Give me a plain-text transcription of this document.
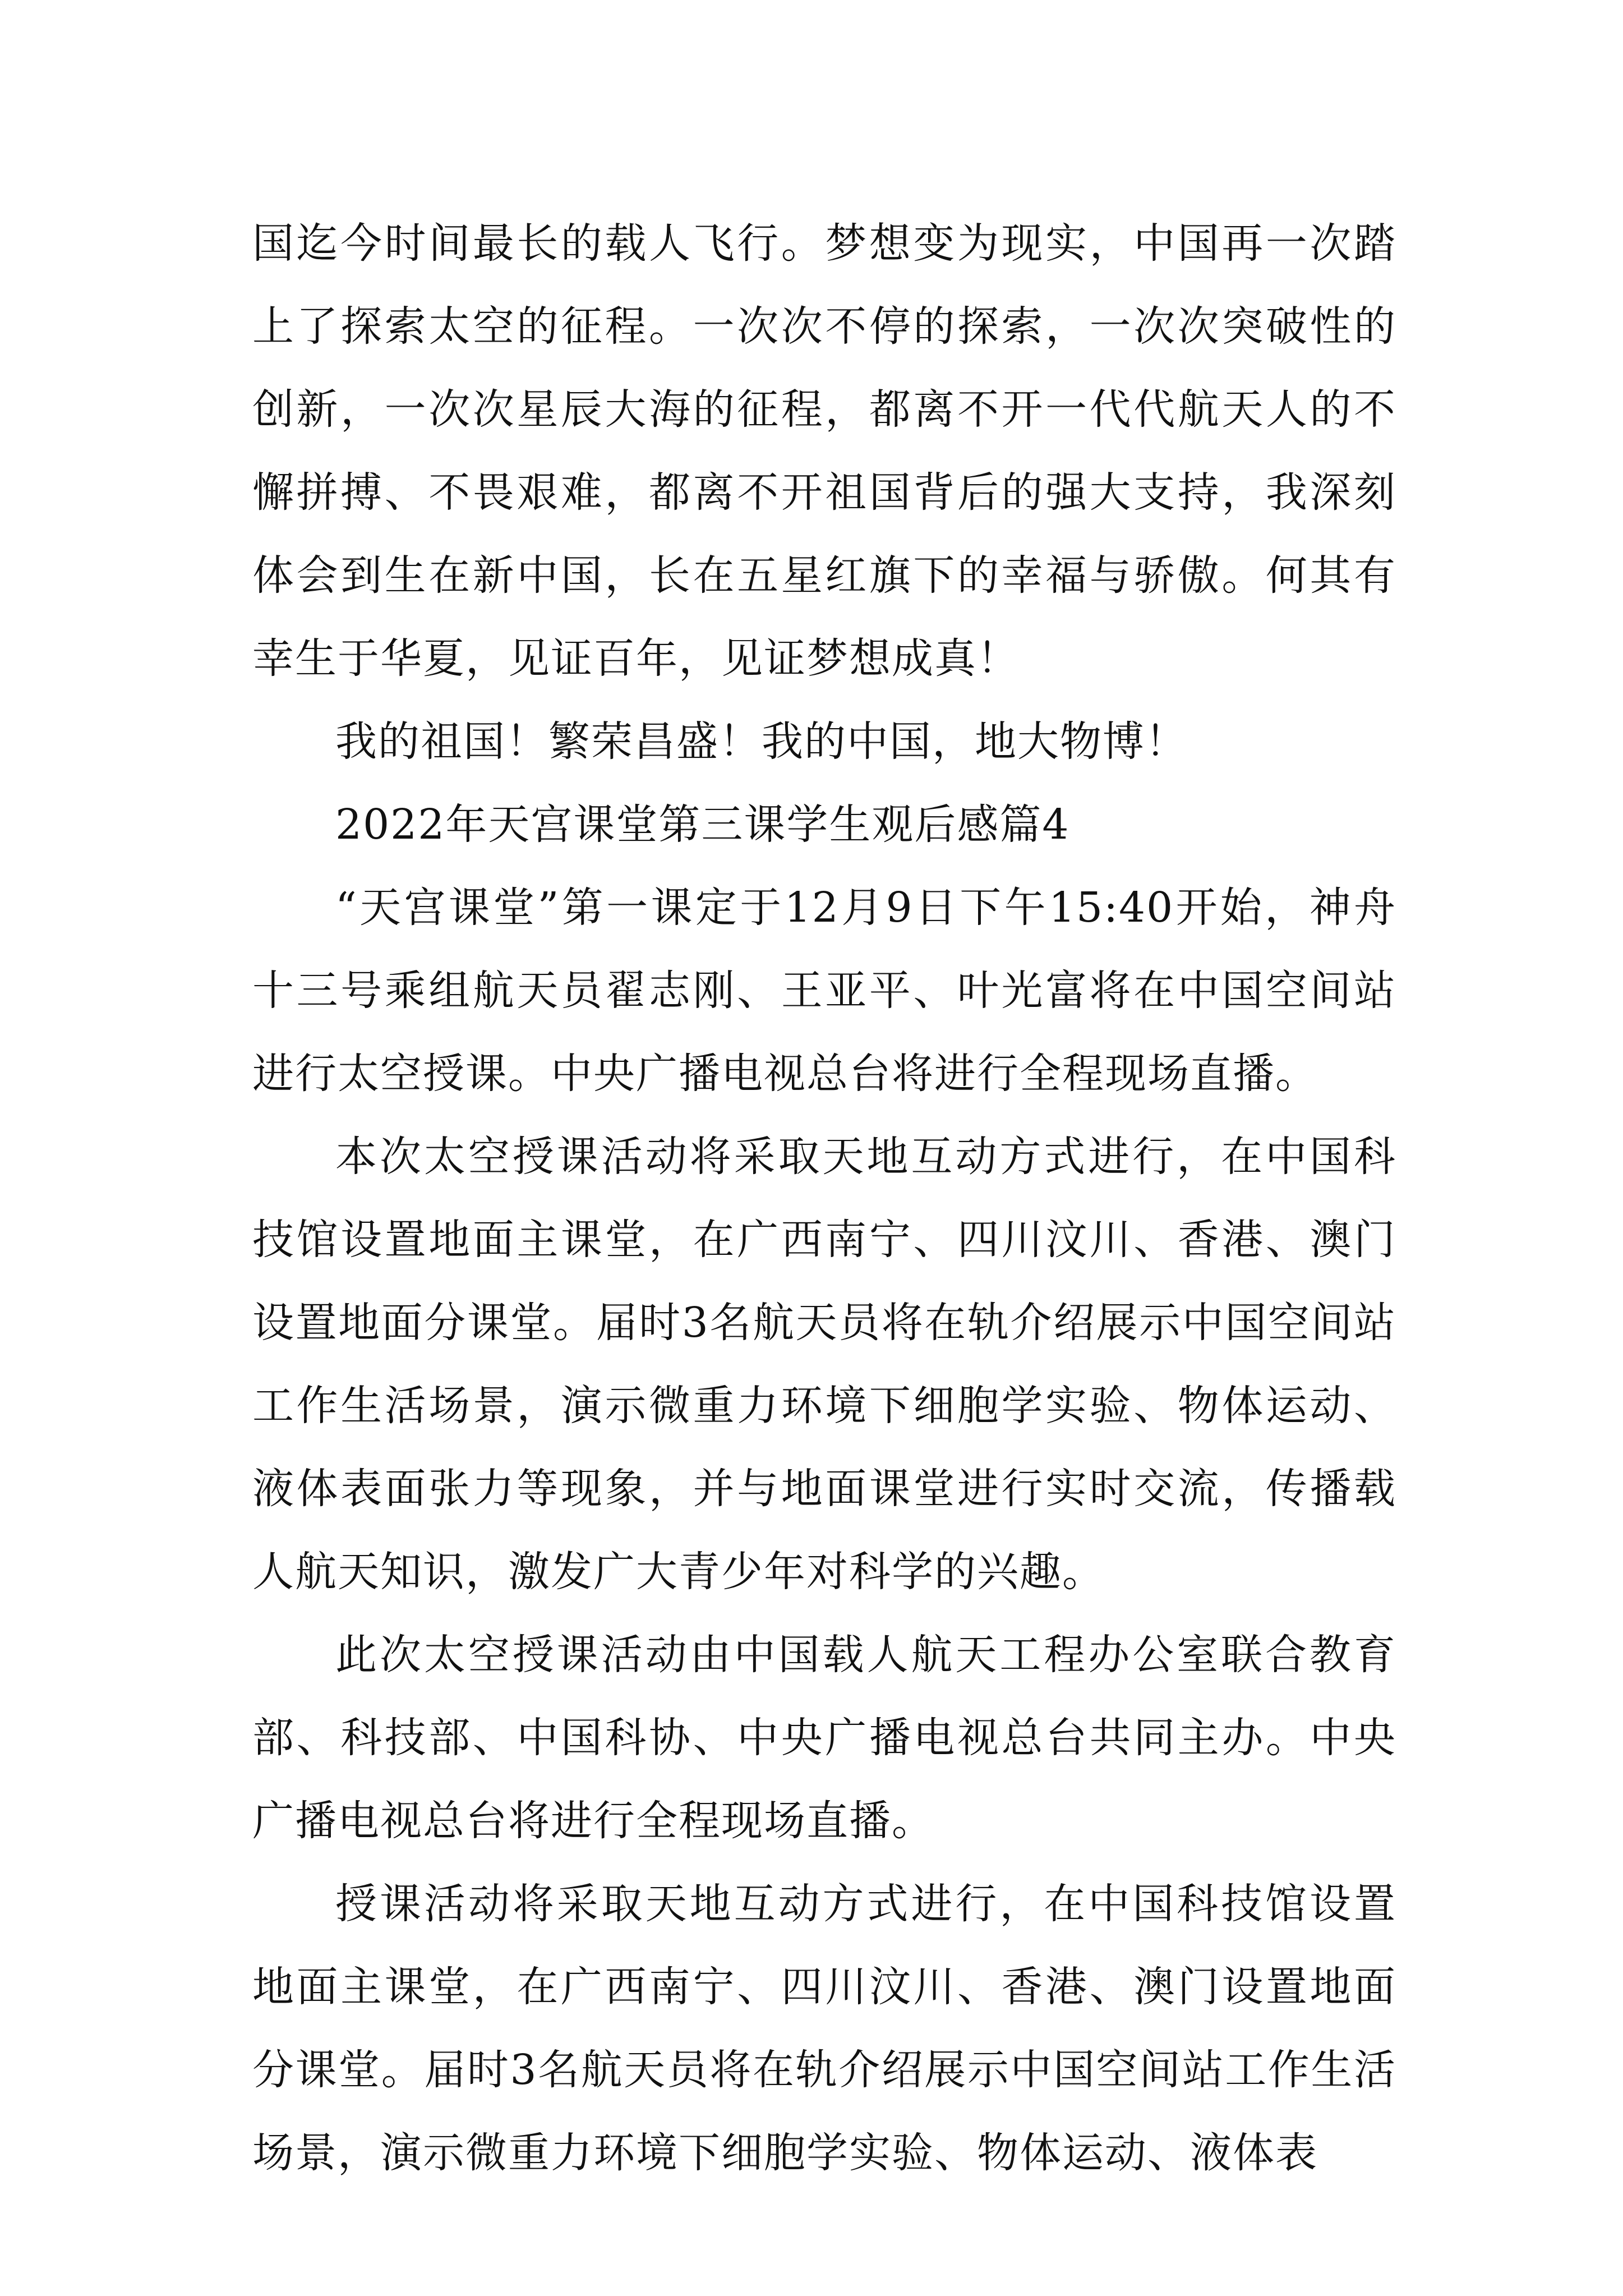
国迄今时间最长的载人飞行。梦想变为现实，中国再一次踏上了探索太空的征程。一次次不停的探索，一次次突破性的创新，一次次星辰大海的征程，都离不开一代代航天人的不懈拼搏、不畏艰难，都离不开祖国背后的强大支持，我深刻体会到生在新中国，长在五星红旗下的幸福与骄傲。何其有幸生于华夏，见证百年，见证梦想成真！

我的祖国！繁荣昌盛！我的中国，地大物博！

2022年天宫课堂第三课学生观后感篇4

“天宫课堂”第一课定于12月9日下午15:40开始，神舟十三号乘组航天员翟志刚、王亚平、叶光富将在中国空间站进行太空授课。中央广播电视总台将进行全程现场直播。

本次太空授课活动将采取天地互动方式进行，在中国科技馆设置地面主课堂，在广西南宁、四川汶川、香港、澳门设置地面分课堂。届时3名航天员将在轨介绍展示中国空间站工作生活场景，演示微重力环境下细胞学实验、物体运动、液体表面张力等现象，并与地面课堂进行实时交流，传播载人航天知识，激发广大青少年对科学的兴趣。

此次太空授课活动由中国载人航天工程办公室联合教育部、科技部、中国科协、中央广播电视总台共同主办。中央广播电视总台将进行全程现场直播。

授课活动将采取天地互动方式进行，在中国科技馆设置地面主课堂，在广西南宁、四川汶川、香港、澳门设置地面分课堂。届时3名航天员将在轨介绍展示中国空间站工作生活场景，演示微重力环境下细胞学实验、物体运动、液体表
